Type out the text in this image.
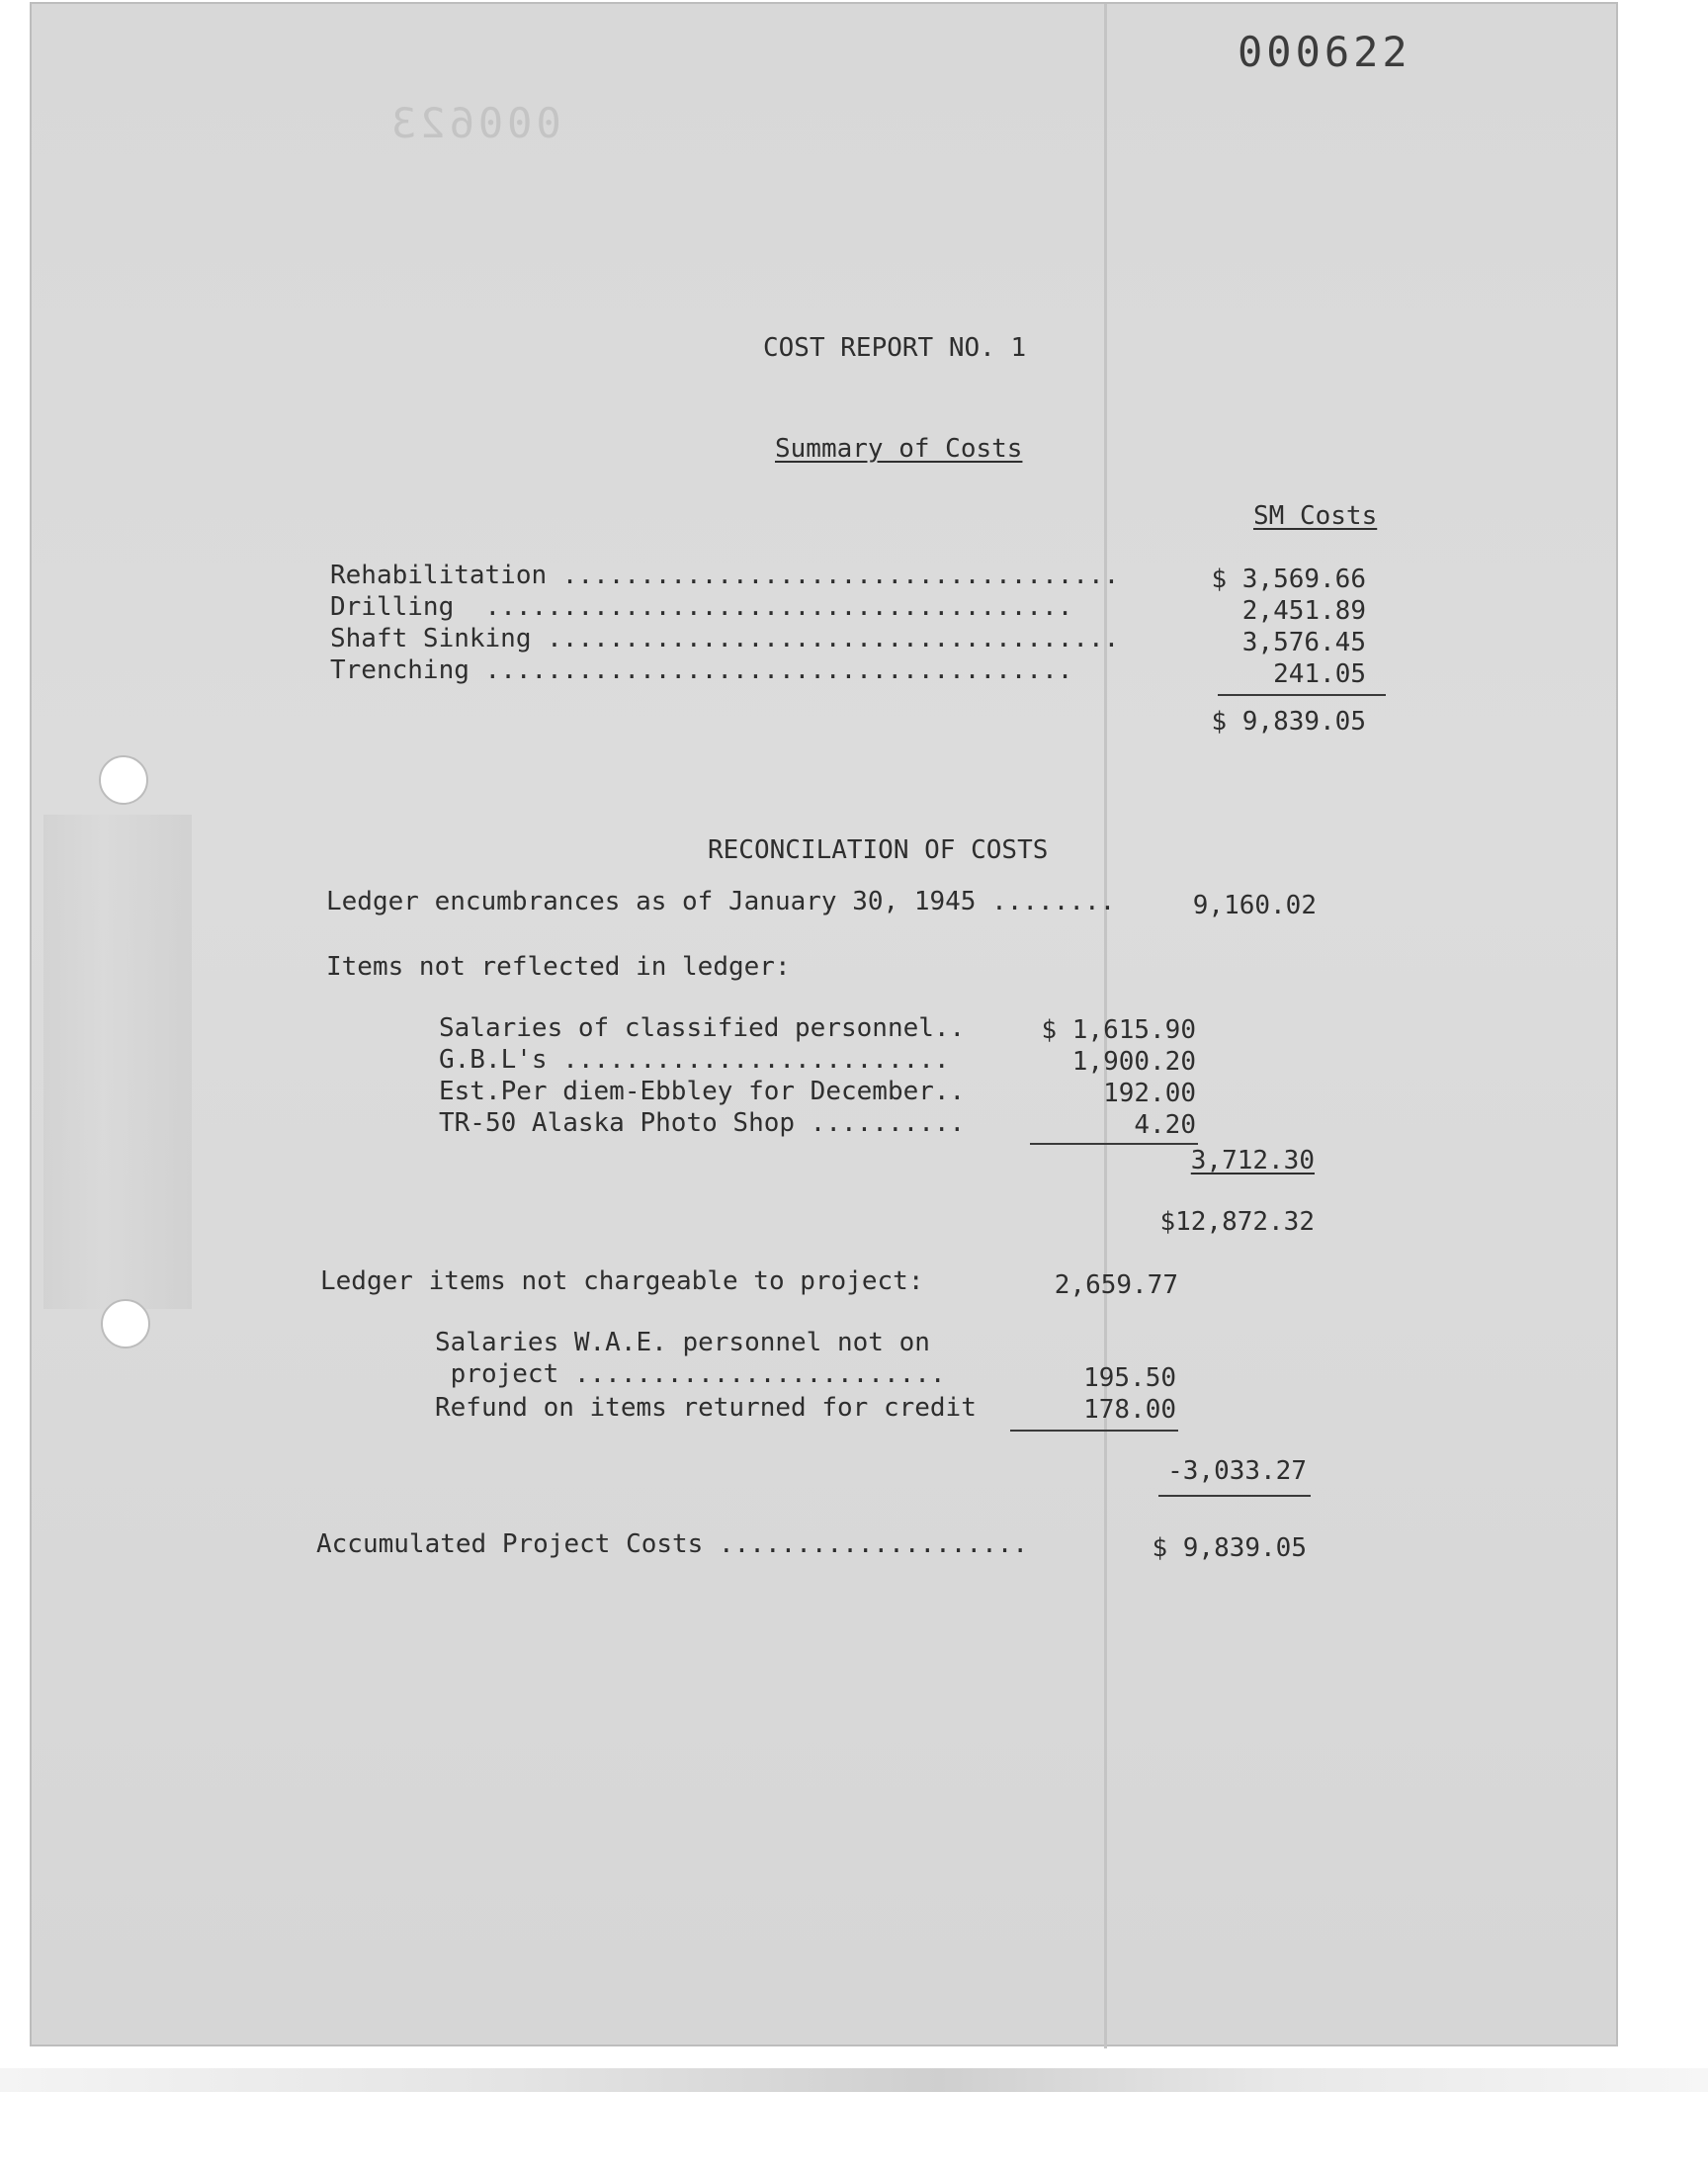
000622
000623
COST REPORT NO. 1
Summary of Costs
SM Costs
Rehabilitation ....................................	$ 3,569.66
Drilling  ......................................	2,451.89
Shaft Sinking .....................................	3,576.45
Trenching ......................................	241.05
$ 9,839.05
RECONCILATION OF COSTS
Ledger encumbrances as of January 30, 1945 ........	9,160.02
Items not reflected in ledger:
Salaries of classified personnel..	$ 1,615.90
G.B.L's .........................	1,900.20
Est.Per diem-Ebbley for December..	192.00
TR-50 Alaska Photo Shop ..........	4.20
3,712.30
$12,872.32
Ledger items not chargeable to project:	2,659.77
Salaries W.A.E. personnel not on
project ........................	195.50
Refund on items returned for credit	178.00
-3,033.27
Accumulated Project Costs ....................	$ 9,839.05
